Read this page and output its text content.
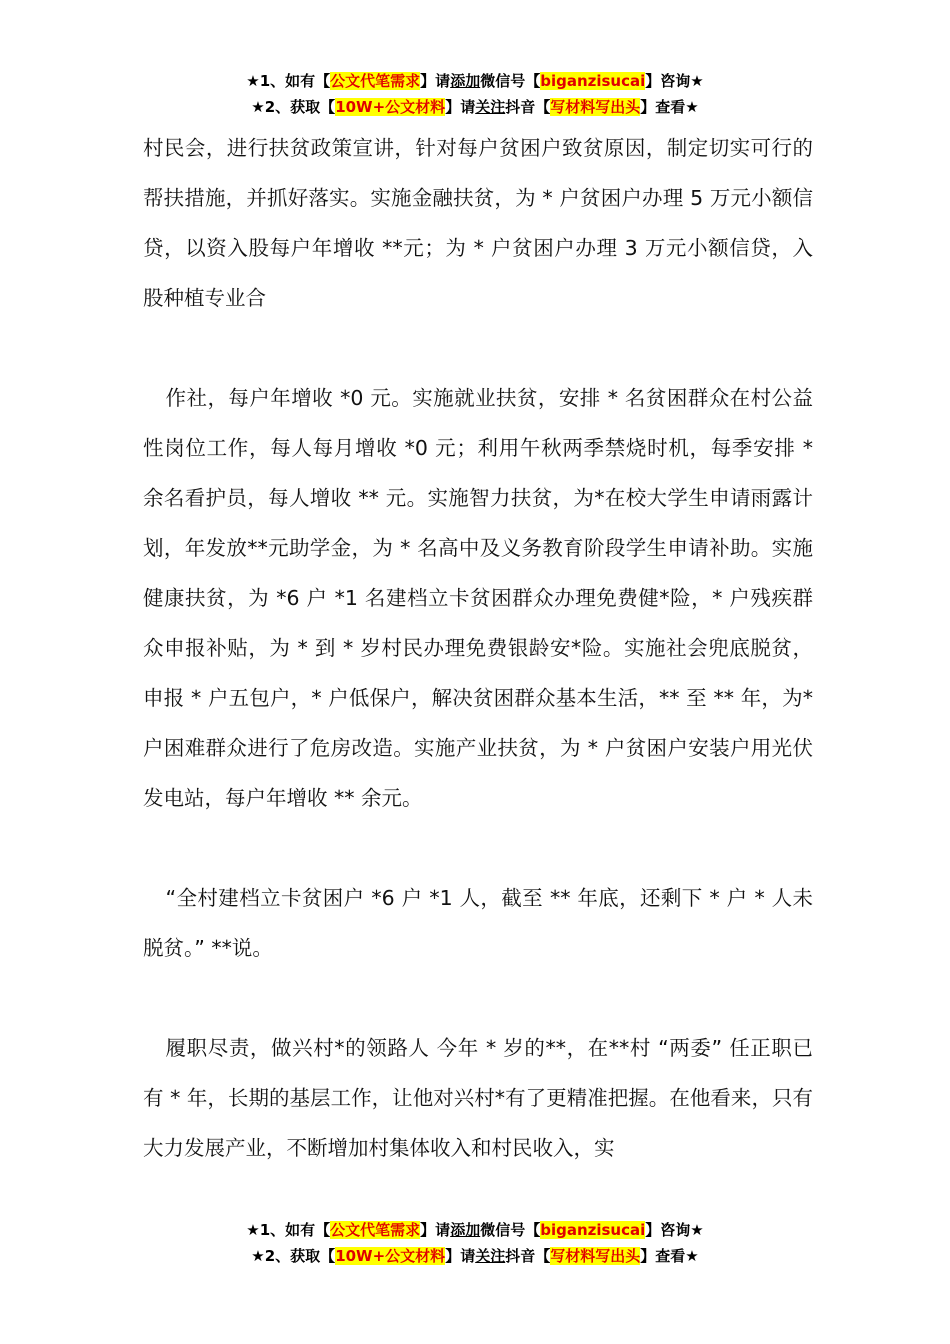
★1、如有【公文代笔需求】请添加微信号【biganzisucai】咨询★
★2、获取【10W+公文材料】请关注抖音【写材料写出头】查看★

村民会，进行扶贫政策宣讲，针对每户贫困户致贫原因，制定切实可行的帮扶措施，并抓好落实。实施金融扶贫，为 * 户贫困户办理 5 万元小额信贷，以资入股每户年增收 **元；为 * 户贫困户办理 3 万元小额信贷，入股种植专业合

作社，每户年增收 *0 元。实施就业扶贫，安排 * 名贫困群众在村公益性岗位工作，每人每月增收 *0 元；利用午秋两季禁烧时机，每季安排 * 余名看护员，每人增收 ** 元。实施智力扶贫，为*在校大学生申请雨露计划，年发放**元助学金，为 * 名高中及义务教育阶段学生申请补助。实施健康扶贫，为 *6 户 *1 名建档立卡贫困群众办理免费健*险，* 户残疾群众申报补贴，为 * 到 * 岁村民办理免费银龄安*险。实施社会兜底脱贫，申报 * 户五包户，* 户低保户，解决贫困群众基本生活，** 至 ** 年，为* 户困难群众进行了危房改造。实施产业扶贫，为 * 户贫困户安装户用光伏发电站，每户年增收 ** 余元。

“全村建档立卡贫困户 *6 户 *1 人，截至 ** 年底，还剩下 * 户 * 人未脱贫。” **说。

履职尽责，做兴村*的领路人 今年 * 岁的**，在**村 “两委” 任正职已有 * 年，长期的基层工作，让他对兴村*有了更精准把握。在他看来，只有大力发展产业，不断增加村集体收入和村民收入，实

★1、如有【公文代笔需求】请添加微信号【biganzisucai】咨询★
★2、获取【10W+公文材料】请关注抖音【写材料写出头】查看★
